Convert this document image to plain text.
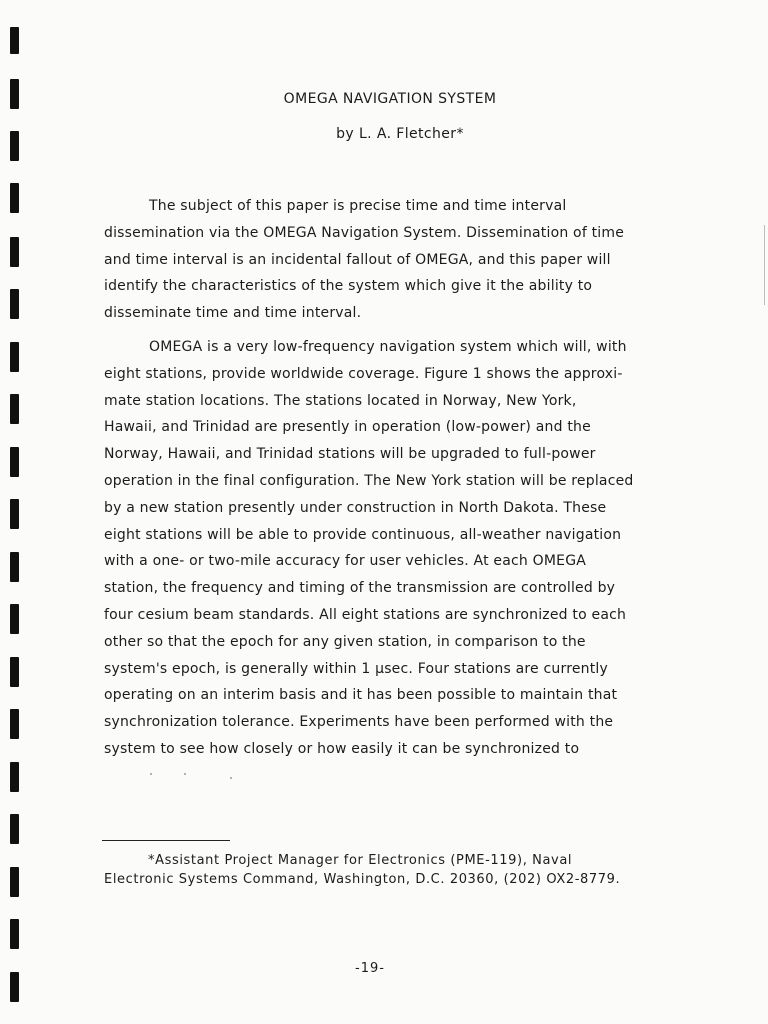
OMEGA NAVIGATION SYSTEM
by L. A. Fletcher*
The subject of this paper is precise time and time interval
dissemination via the OMEGA Navigation System. Dissemination of time
and time interval is an incidental fallout of OMEGA, and this paper will
identify the characteristics of the system which give it the ability to
disseminate time and time interval.
OMEGA is a very low-frequency navigation system which will, with
eight stations, provide worldwide coverage. Figure 1 shows the approxi-
mate station locations. The stations located in Norway, New York,
Hawaii, and Trinidad are presently in operation (low-power) and the
Norway, Hawaii, and Trinidad stations will be upgraded to full-power
operation in the final configuration. The New York station will be replaced
by a new station presently under construction in North Dakota. These
eight stations will be able to provide continuous, all-weather navigation
with a one- or two-mile accuracy for user vehicles. At each OMEGA
station, the frequency and timing of the transmission are controlled by
four cesium beam standards. All eight stations are synchronized to each
other so that the epoch for any given station, in comparison to the
system's epoch, is generally within 1 µsec. Four stations are currently
operating on an interim basis and it has been possible to maintain that
synchronization tolerance. Experiments have been performed with the
system to see how closely or how easily it can be synchronized to
*Assistant Project Manager for Electronics (PME-119), Naval
Electronic Systems Command, Washington, D.C. 20360, (202) OX2-8779.
-19-
